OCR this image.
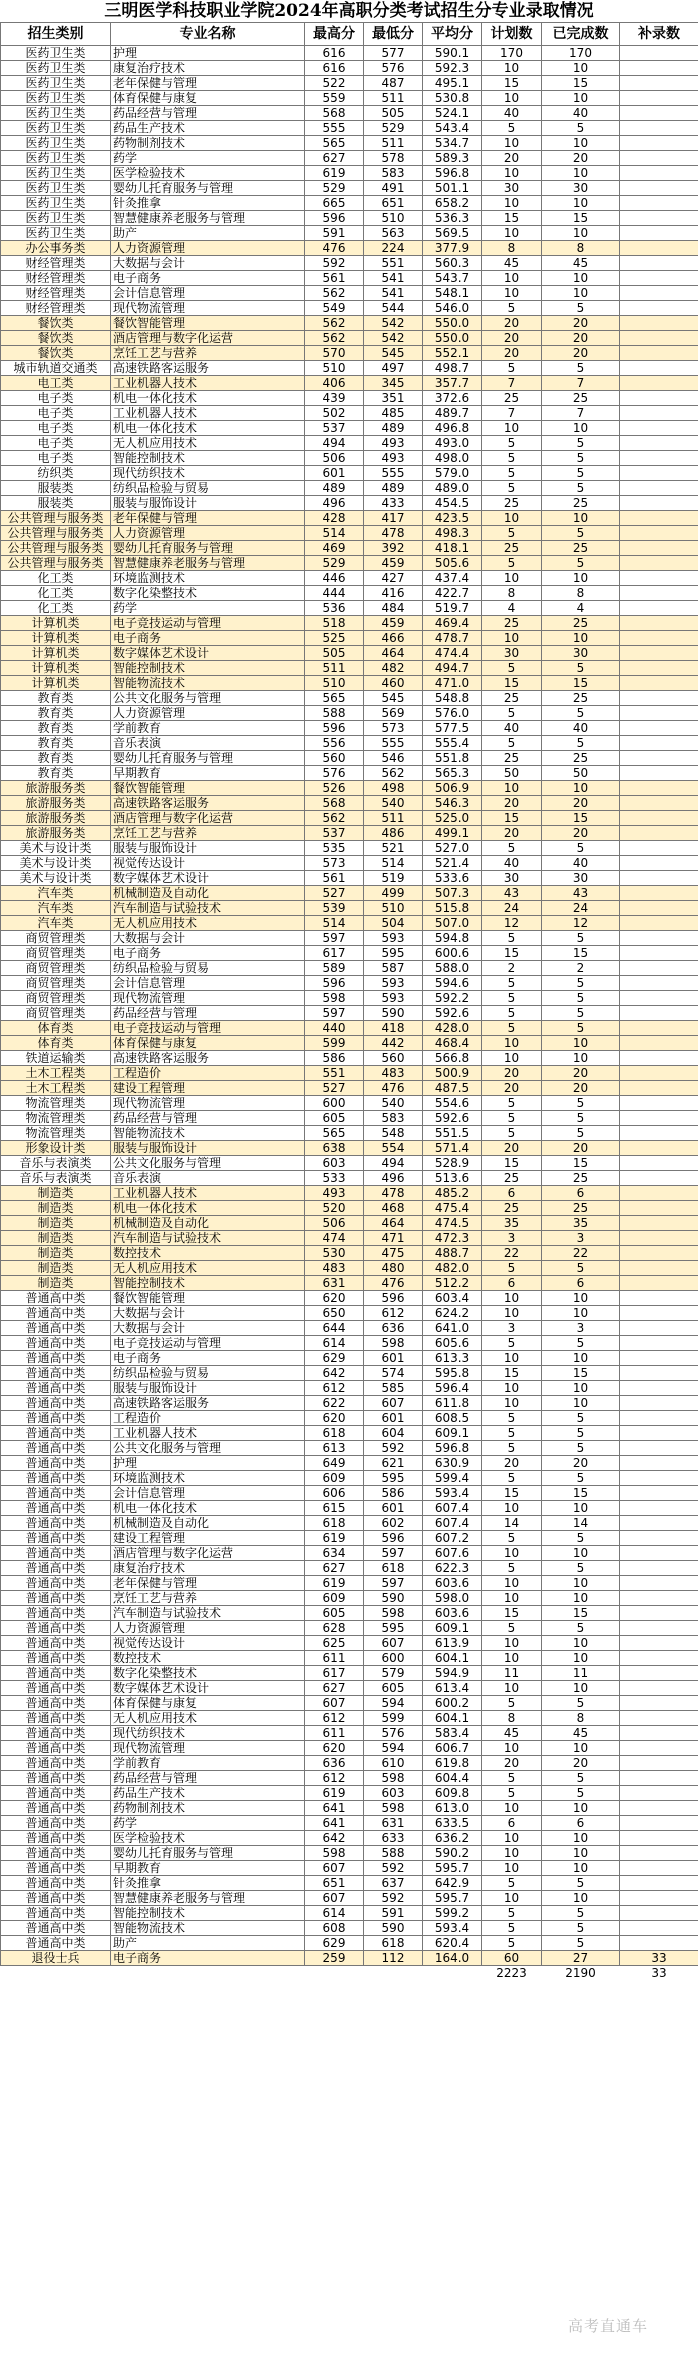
三明医学科技职业学院2024年高职分类考试招生分专业录取情况
招生类别	专业名称	最高分	最低分	平均分	计划数	已完成数	补录数
医药卫生类	护理	616	577	590.1	170	170	
医药卫生类	康复治疗技术	616	576	592.3	10	10	
医药卫生类	老年保健与管理	522	487	495.1	15	15	
医药卫生类	体育保健与康复	559	511	530.8	10	10	
医药卫生类	药品经营与管理	568	505	524.1	40	40	
医药卫生类	药品生产技术	555	529	543.4	5	5	
医药卫生类	药物制剂技术	565	511	534.7	10	10	
医药卫生类	药学	627	578	589.3	20	20	
医药卫生类	医学检验技术	619	583	596.8	10	10	
医药卫生类	婴幼儿托育服务与管理	529	491	501.1	30	30	
医药卫生类	针灸推拿	665	651	658.2	10	10	
医药卫生类	智慧健康养老服务与管理	596	510	536.3	15	15	
医药卫生类	助产	591	563	569.5	10	10	
办公事务类	人力资源管理	476	224	377.9	8	8	
财经管理类	大数据与会计	592	551	560.3	45	45	
财经管理类	电子商务	561	541	543.7	10	10	
财经管理类	会计信息管理	562	541	548.1	10	10	
财经管理类	现代物流管理	549	544	546.0	5	5	
餐饮类	餐饮智能管理	562	542	550.0	20	20	
餐饮类	酒店管理与数字化运营	562	542	550.0	20	20	
餐饮类	烹饪工艺与营养	570	545	552.1	20	20	
城市轨道交通类	高速铁路客运服务	510	497	498.7	5	5	
电工类	工业机器人技术	406	345	357.7	7	7	
电子类	机电一体化技术	439	351	372.6	25	25	
电子类	工业机器人技术	502	485	489.7	7	7	
电子类	机电一体化技术	537	489	496.8	10	10	
电子类	无人机应用技术	494	493	493.0	5	5	
电子类	智能控制技术	506	493	498.0	5	5	
纺织类	现代纺织技术	601	555	579.0	5	5	
服装类	纺织品检验与贸易	489	489	489.0	5	5	
服装类	服装与服饰设计	496	433	454.5	25	25	
公共管理与服务类	老年保健与管理	428	417	423.5	10	10	
公共管理与服务类	人力资源管理	514	478	498.3	5	5	
公共管理与服务类	婴幼儿托育服务与管理	469	392	418.1	25	25	
公共管理与服务类	智慧健康养老服务与管理	529	459	505.6	5	5	
化工类	环境监测技术	446	427	437.4	10	10	
化工类	数字化染整技术	444	416	422.7	8	8	
化工类	药学	536	484	519.7	4	4	
计算机类	电子竞技运动与管理	518	459	469.4	25	25	
计算机类	电子商务	525	466	478.7	10	10	
计算机类	数字媒体艺术设计	505	464	474.4	30	30	
计算机类	智能控制技术	511	482	494.7	5	5	
计算机类	智能物流技术	510	460	471.0	15	15	
教育类	公共文化服务与管理	565	545	548.8	25	25	
教育类	人力资源管理	588	569	576.0	5	5	
教育类	学前教育	596	573	577.5	40	40	
教育类	音乐表演	556	555	555.4	5	5	
教育类	婴幼儿托育服务与管理	560	546	551.8	25	25	
教育类	早期教育	576	562	565.3	50	50	
旅游服务类	餐饮智能管理	526	498	506.9	10	10	
旅游服务类	高速铁路客运服务	568	540	546.3	20	20	
旅游服务类	酒店管理与数字化运营	562	511	525.0	15	15	
旅游服务类	烹饪工艺与营养	537	486	499.1	20	20	
美术与设计类	服装与服饰设计	535	521	527.0	5	5	
美术与设计类	视觉传达设计	573	514	521.4	40	40	
美术与设计类	数字媒体艺术设计	561	519	533.6	30	30	
汽车类	机械制造及自动化	527	499	507.3	43	43	
汽车类	汽车制造与试验技术	539	510	515.8	24	24	
汽车类	无人机应用技术	514	504	507.0	12	12	
商贸管理类	大数据与会计	597	593	594.8	5	5	
商贸管理类	电子商务	617	595	600.6	15	15	
商贸管理类	纺织品检验与贸易	589	587	588.0	2	2	
商贸管理类	会计信息管理	596	593	594.6	5	5	
商贸管理类	现代物流管理	598	593	592.2	5	5	
商贸管理类	药品经营与管理	597	590	592.6	5	5	
体育类	电子竞技运动与管理	440	418	428.0	5	5	
体育类	体育保健与康复	599	442	468.4	10	10	
铁道运输类	高速铁路客运服务	586	560	566.8	10	10	
土木工程类	工程造价	551	483	500.9	20	20	
土木工程类	建设工程管理	527	476	487.5	20	20	
物流管理类	现代物流管理	600	540	554.6	5	5	
物流管理类	药品经营与管理	605	583	592.6	5	5	
物流管理类	智能物流技术	565	548	551.5	5	5	
形象设计类	服装与服饰设计	638	554	571.4	20	20	
音乐与表演类	公共文化服务与管理	603	494	528.9	15	15	
音乐与表演类	音乐表演	533	496	513.6	25	25	
制造类	工业机器人技术	493	478	485.2	6	6	
制造类	机电一体化技术	520	468	475.4	25	25	
制造类	机械制造及自动化	506	464	474.5	35	35	
制造类	汽车制造与试验技术	474	471	472.3	3	3	
制造类	数控技术	530	475	488.7	22	22	
制造类	无人机应用技术	483	480	482.0	5	5	
制造类	智能控制技术	631	476	512.2	6	6	
普通高中类	餐饮智能管理	620	596	603.4	10	10	
普通高中类	大数据与会计	650	612	624.2	10	10	
普通高中类	大数据与会计	644	636	641.0	3	3	
普通高中类	电子竞技运动与管理	614	598	605.6	5	5	
普通高中类	电子商务	629	601	613.3	10	10	
普通高中类	纺织品检验与贸易	642	574	595.8	15	15	
普通高中类	服装与服饰设计	612	585	596.4	10	10	
普通高中类	高速铁路客运服务	622	607	611.8	10	10	
普通高中类	工程造价	620	601	608.5	5	5	
普通高中类	工业机器人技术	618	604	609.1	5	5	
普通高中类	公共文化服务与管理	613	592	596.8	5	5	
普通高中类	护理	649	621	630.9	20	20	
普通高中类	环境监测技术	609	595	599.4	5	5	
普通高中类	会计信息管理	606	586	593.4	15	15	
普通高中类	机电一体化技术	615	601	607.4	10	10	
普通高中类	机械制造及自动化	618	602	607.4	14	14	
普通高中类	建设工程管理	619	596	607.2	5	5	
普通高中类	酒店管理与数字化运营	634	597	607.6	10	10	
普通高中类	康复治疗技术	627	618	622.3	5	5	
普通高中类	老年保健与管理	619	597	603.6	10	10	
普通高中类	烹饪工艺与营养	609	590	598.0	10	10	
普通高中类	汽车制造与试验技术	605	598	603.6	15	15	
普通高中类	人力资源管理	628	595	609.1	5	5	
普通高中类	视觉传达设计	625	607	613.9	10	10	
普通高中类	数控技术	611	600	604.1	10	10	
普通高中类	数字化染整技术	617	579	594.9	11	11	
普通高中类	数字媒体艺术设计	627	605	613.4	10	10	
普通高中类	体育保健与康复	607	594	600.2	5	5	
普通高中类	无人机应用技术	612	599	604.1	8	8	
普通高中类	现代纺织技术	611	576	583.4	45	45	
普通高中类	现代物流管理	620	594	606.7	10	10	
普通高中类	学前教育	636	610	619.8	20	20	
普通高中类	药品经营与管理	612	598	604.4	5	5	
普通高中类	药品生产技术	619	603	609.8	5	5	
普通高中类	药物制剂技术	641	598	613.0	10	10	
普通高中类	药学	641	631	633.5	6	6	
普通高中类	医学检验技术	642	633	636.2	10	10	
普通高中类	婴幼儿托育服务与管理	598	588	590.2	10	10	
普通高中类	早期教育	607	592	595.7	10	10	
普通高中类	针灸推拿	651	637	642.9	5	5	
普通高中类	智慧健康养老服务与管理	607	592	595.7	10	10	
普通高中类	智能控制技术	614	591	599.2	5	5	
普通高中类	智能物流技术	608	590	593.4	5	5	
普通高中类	助产	629	618	620.4	5	5	
退役士兵	电子商务	259	112	164.0	60	27	33
					2223	2190	33
高考直通车
